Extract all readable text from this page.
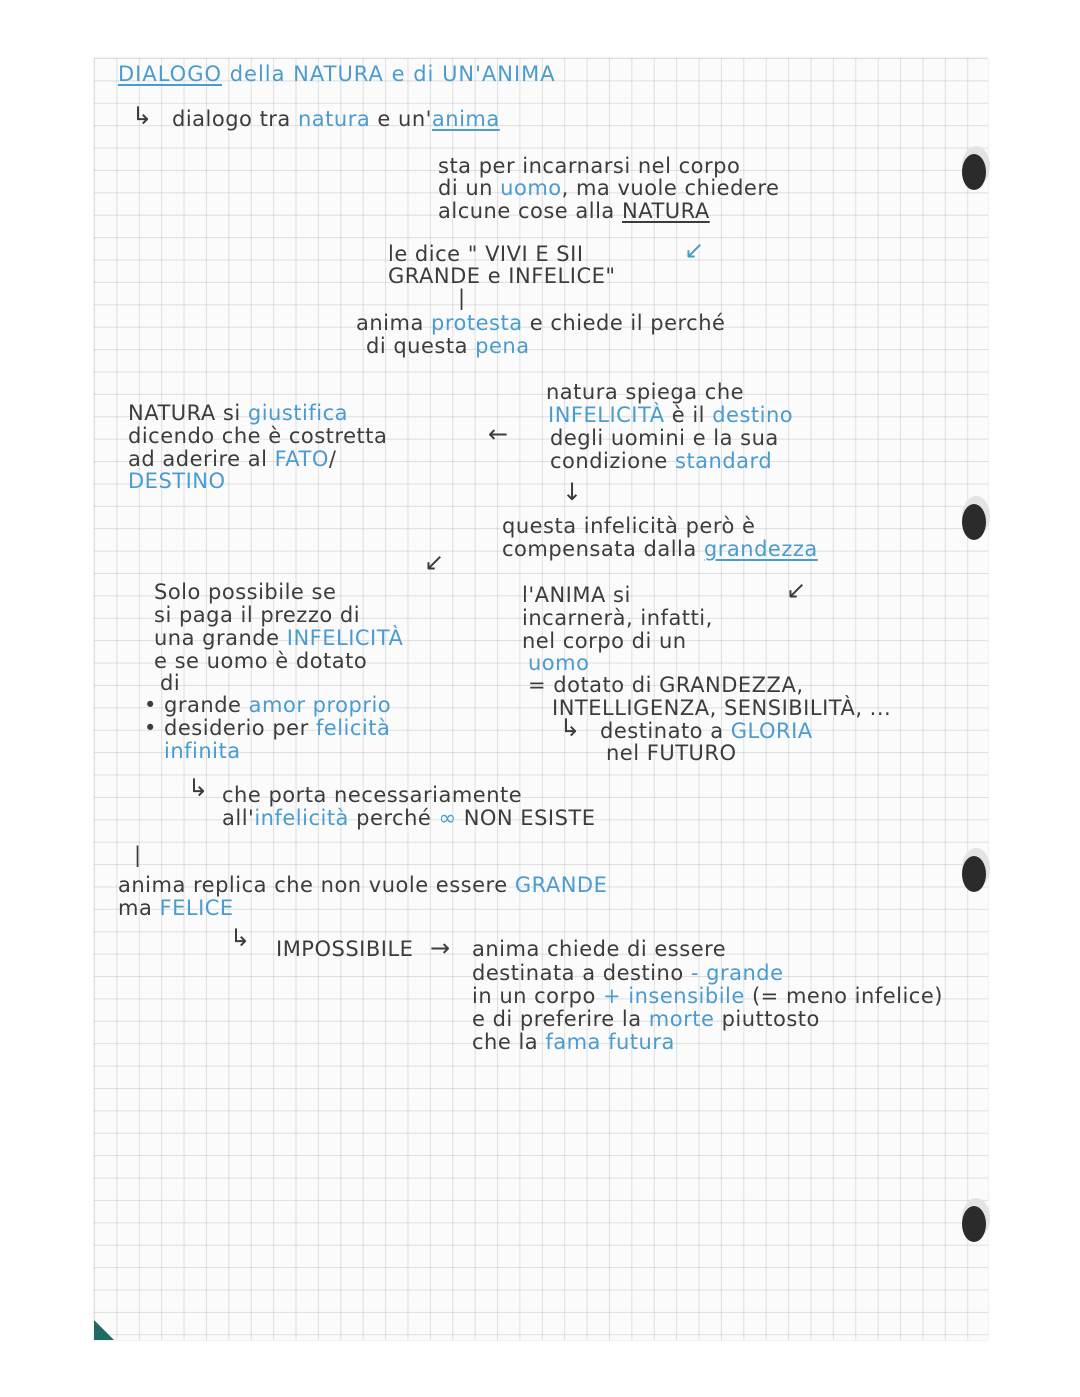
DIALOGO della NATURA e di UN'ANIMA
↳ dialogo tra natura e un'anima
sta per incarnarsi nel corpo
di un uomo, ma vuole chiedere
alcune cose alla NATURA
↙
le dice " VIVI E SII
GRANDE e INFELICE"
|
anima protesta e chiede il perché
di questa pena
natura spiega che
INFELICITÀ è il destino
degli uomini e la sua
condizione standard
←
NATURA si giustifica
dicendo che è costretta
ad aderire al FATO/
DESTINO	↓
questa infelicità però è
compensata dalla grandezza
↙
↙
Solo possibile se
si paga il prezzo di
una grande INFELICITÀ
e se uomo è dotato
di
• grande amor proprio
• desiderio per felicità
infinita
l'ANIMA si
incarnerà, infatti,
nel corpo di un
uomo
= dotato di GRANDEZZA,
INTELLIGENZA, SENSIBILITÀ, ...
↳ destinato a GLORIA
nel FUTURO
↳ che porta necessariamente
all'infelicità perché ∞ NON ESISTE
|
anima replica che non vuole essere GRANDE
ma FELICE
↳ IMPOSSIBILE → anima chiede di essere
destinata a destino - grande
in un corpo + insensibile (= meno infelice)
e di preferire la morte piuttosto
che la fama futura
